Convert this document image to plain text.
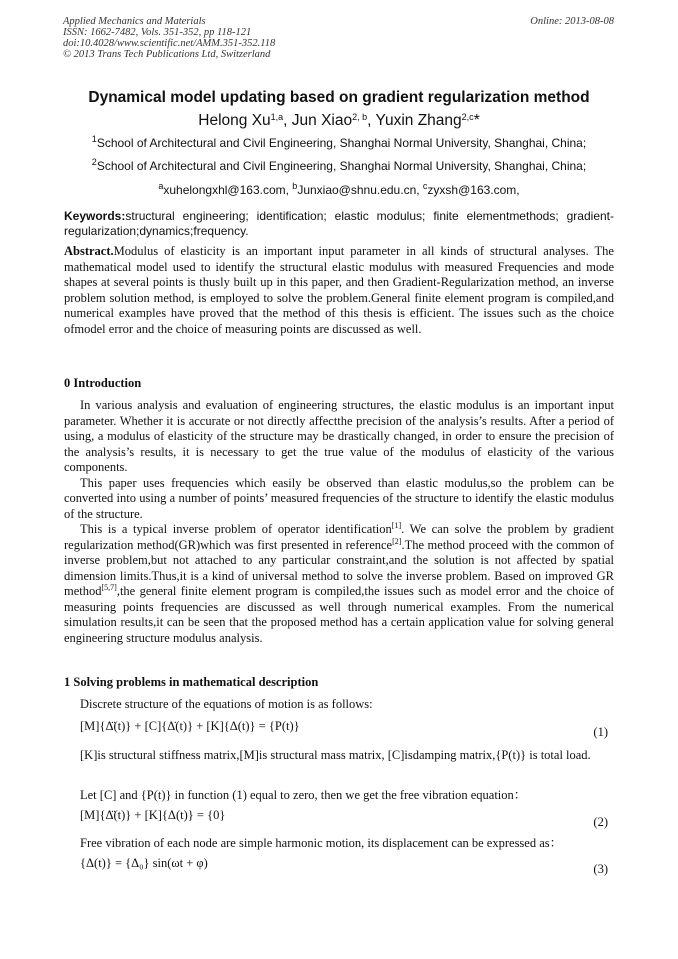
Applied Mechanics and Materials
ISSN: 1662-7482, Vols. 351-352, pp 118-121
doi:10.4028/www.scientific.net/AMM.351-352.118
© 2013 Trans Tech Publications Ltd, Switzerland
Online: 2013-08-08
Dynamical model updating based on gradient regularization method
Helong Xu$^{1,a}$, Jun Xiao$^{2, b}$, Yuxin Zhang$^{2,c}$*
$^1$School of Architectural and Civil Engineering, Shanghai Normal University, Shanghai, China;
$^2$School of Architectural and Civil Engineering, Shanghai Normal University, Shanghai, China;
$^a$xuhelongxhl@163.com, $^b$Junxiao@shnu.edu.cn, $^c$zyxsh@163.com,
Keywords:structural engineering; identification; elastic modulus; finite elementmethods; gradient-regularization;dynamics;frequency.
Abstract.Modulus of elasticity is an important input parameter in all kinds of structural analyses. The mathematical model used to identify the structural elastic modulus with measured Frequencies and mode shapes at several points is thusly built up in this paper, and then Gradient-Regularization method, an inverse problem solution method, is employed to solve the problem.General finite element program is compiled,and numerical examples have proved that the method of this thesis is efficient. The issues such as the choice ofmodel error and the choice of measuring points are discussed as well.
0 Introduction

In various analysis and evaluation of engineering structures, the elastic modulus is an important input parameter. Whether it is accurate or not directly affectthe precision of the analysis’s results. After a period of using, a modulus of elasticity of the structure may be drastically changed, in order to ensure the precision of the analysis’s results, it is necessary to get the true value of the modulus of elasticity of the various components.

This paper uses frequencies which easily be observed than elastic modulus,so the problem can be converted into using a number of points’ measured frequencies of the structure to identify the elastic modulus of the structure.

This is a typical inverse problem of operator identification[1]. We can solve the problem by gradient regularization method(GR)which was first presented in reference[2].The method proceed with the common of inverse problem,but not attached to any particular constraint,and the solution is not affected by spatial dimension limits.Thus,it is a kind of universal method to solve the inverse problem. Based on improved GR method[5,7],the general finite element program is compiled,the issues such as model error and the choice of measuring points frequencies are discussed as well through numerical examples. From the numerical simulation results,it can be seen that the proposed method has a certain application value for solving general engineering structure modulus analysis.

1 Solving problems in mathematical description
Discrete structure of the equations of motion is as follows:
[M]{Δ̈(t)} + [C]{Δ̇(t)} + [K]{Δ(t)} = {P(t)}	(1)
[K]is structural stiffness matrix,[M]is structural mass matrix, [C]isdamping matrix,{P(t)} is total load.
Let [C] and {P(t)} in function (1) equal to zero, then we get the free vibration equation：
[M]{Δ̈(t)} + [K]{Δ(t)} = {0}	(2)
Free vibration of each node are simple harmonic motion, its displacement can be expressed as：
{Δ(t)} = {Δ₀} sin(ωt + φ)	(3)
